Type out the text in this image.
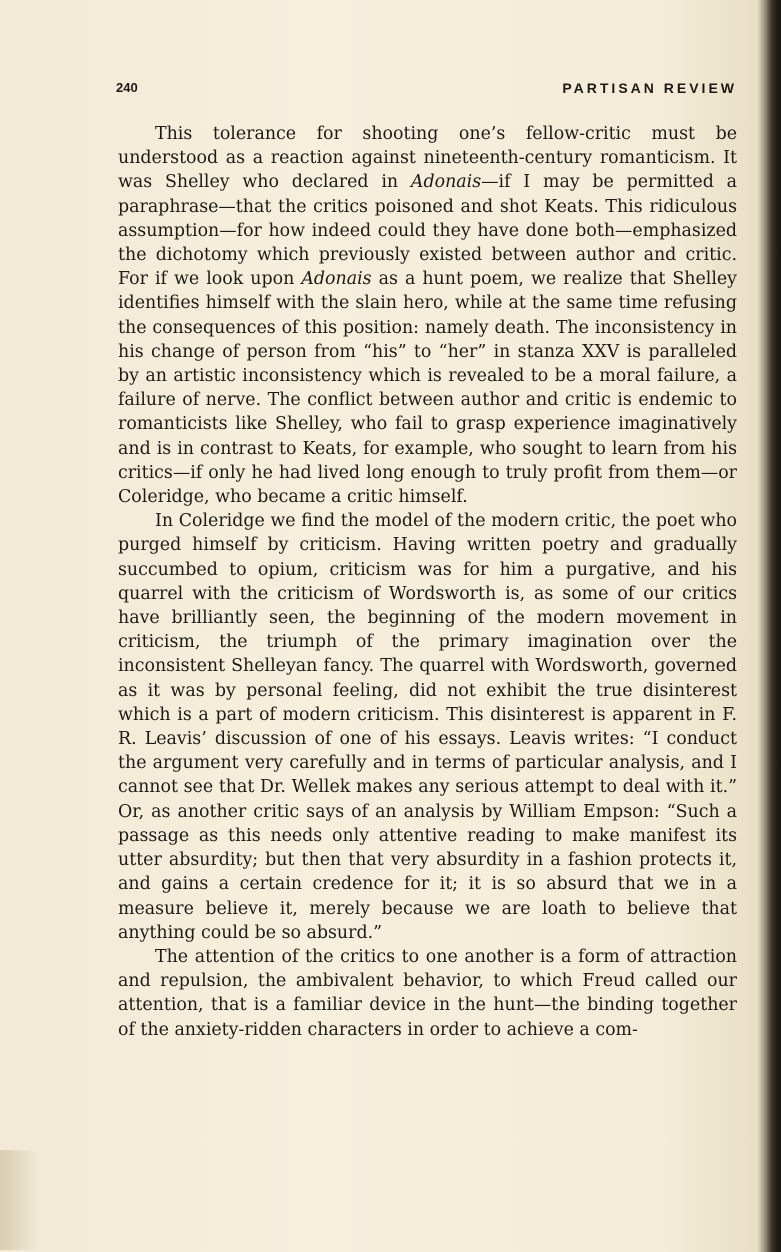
240	PARTISAN REVIEW

This tolerance for shooting one’s fellow-critic must be understood as a reaction against nineteenth-century romanticism. It was Shelley who declared in Adonais—if I may be permitted a paraphrase—that the critics poisoned and shot Keats. This ridiculous assumption—for how indeed could they have done both—emphasized the dichotomy which previously existed between author and critic. For if we look upon Adonais as a hunt poem, we realize that Shelley identifies himself with the slain hero, while at the same time refusing the consequences of this position: namely death. The inconsistency in his change of person from “his” to “her” in stanza XXV is paralleled by an artistic inconsistency which is revealed to be a moral failure, a failure of nerve. The conflict between author and critic is endemic to romanticists like Shelley, who fail to grasp experience imaginatively and is in contrast to Keats, for example, who sought to learn from his critics—if only he had lived long enough to truly profit from them—or Coleridge, who became a critic himself.

In Coleridge we find the model of the modern critic, the poet who purged himself by criticism. Having written poetry and gradually succumbed to opium, criticism was for him a purgative, and his quarrel with the criticism of Wordsworth is, as some of our critics have brilliantly seen, the beginning of the modern movement in criticism, the triumph of the primary imagination over the inconsistent Shelleyan fancy. The quarrel with Wordsworth, governed as it was by personal feeling, did not exhibit the true disinterest which is a part of modern criticism. This disinterest is apparent in F. R. Leavis’ discussion of one of his essays. Leavis writes: “I conduct the argument very carefully and in terms of particular analysis, and I cannot see that Dr. Wellek makes any serious attempt to deal with it.” Or, as another critic says of an analysis by William Empson: “Such a passage as this needs only attentive reading to make manifest its utter absurdity; but then that very absurdity in a fashion protects it, and gains a certain credence for it; it is so absurd that we in a measure believe it, merely because we are loath to believe that anything could be so absurd.”

The attention of the critics to one another is a form of attraction and repulsion, the ambivalent behavior, to which Freud called our attention, that is a familiar device in the hunt—the binding together of the anxiety-ridden characters in order to achieve a com-
